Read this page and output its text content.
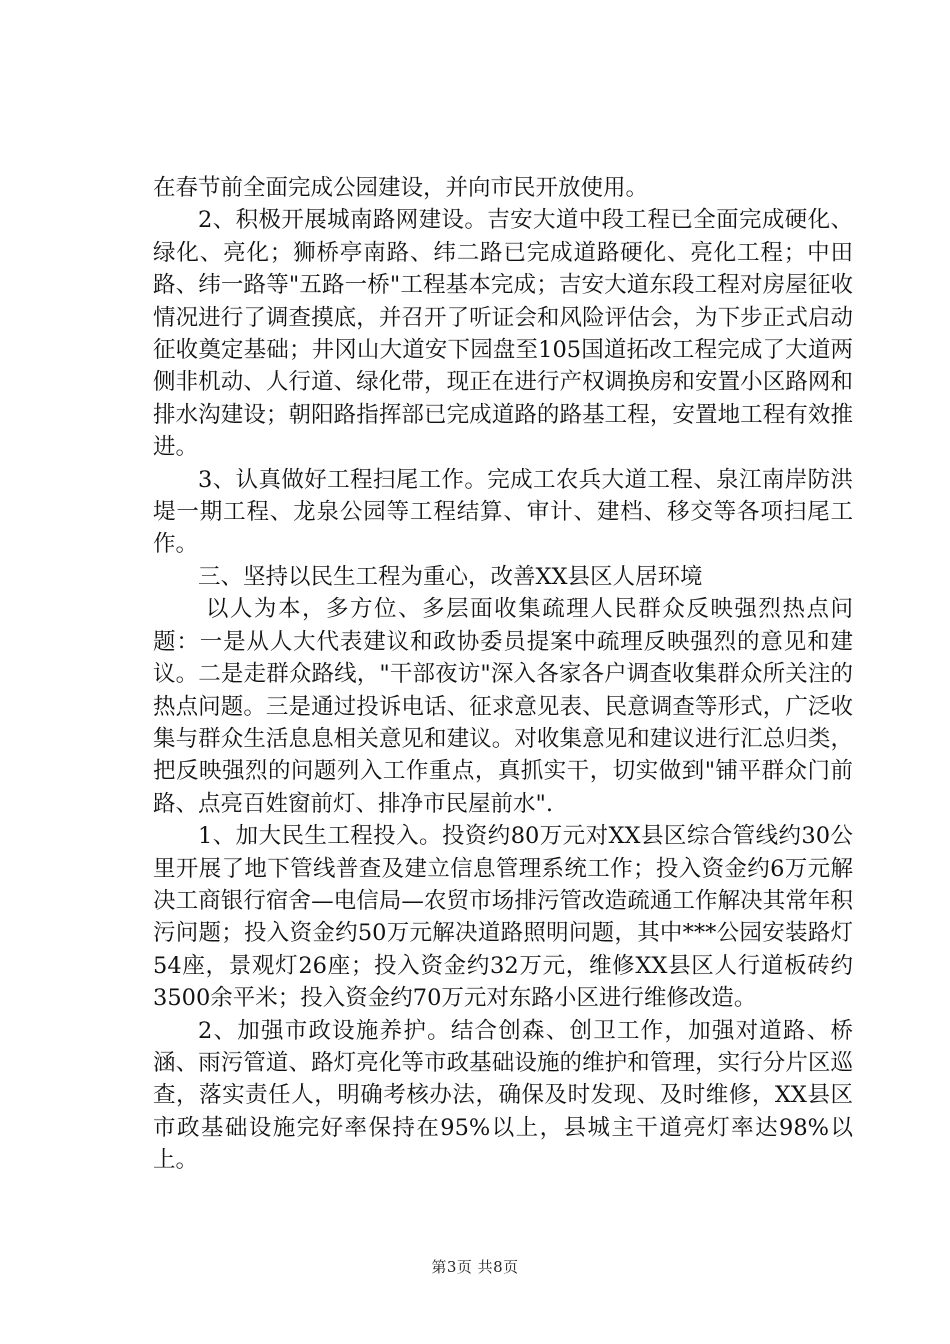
在春节前全面完成公园建设，并向市民开放使用。

2、积极开展城南路网建设。吉安大道中段工程已全面完成硬化、绿化、亮化；狮桥亭南路、纬二路已完成道路硬化、亮化工程；中田路、纬一路等"五路一桥"工程基本完成；吉安大道东段工程对房屋征收情况进行了调查摸底，并召开了听证会和风险评估会，为下步正式启动征收奠定基础；井冈山大道安下园盘至105国道拓改工程完成了大道两侧非机动、人行道、绿化带，现正在进行产权调换房和安置小区路网和排水沟建设；朝阳路指挥部已完成道路的路基工程，安置地工程有效推进。

3、认真做好工程扫尾工作。完成工农兵大道工程、泉江南岸防洪堤一期工程、龙泉公园等工程结算、审计、建档、移交等各项扫尾工作。

三、坚持以民生工程为重心，改善XX县区人居环境

以人为本，多方位、多层面收集疏理人民群众反映强烈热点问题：一是从人大代表建议和政协委员提案中疏理反映强烈的意见和建议。二是走群众路线，"干部夜访"深入各家各户调查收集群众所关注的热点问题。三是通过投诉电话、征求意见表、民意调查等形式，广泛收集与群众生活息息相关意见和建议。对收集意见和建议进行汇总归类，把反映强烈的问题列入工作重点，真抓实干，切实做到"铺平群众门前路、点亮百姓窗前灯、排净市民屋前水".

1、加大民生工程投入。投资约80万元对XX县区综合管线约30公里开展了地下管线普查及建立信息管理系统工作；投入资金约6万元解决工商银行宿舍—电信局—农贸市场排污管改造疏通工作解决其常年积污问题；投入资金约50万元解决道路照明问题，其中***公园安装路灯54座，景观灯26座；投入资金约32万元，维修XX县区人行道板砖约3500余平米；投入资金约70万元对东路小区进行维修改造。

2、加强市政设施养护。结合创森、创卫工作，加强对道路、桥涵、雨污管道、路灯亮化等市政基础设施的维护和管理，实行分片区巡查，落实责任人，明确考核办法，确保及时发现、及时维修，XX县区市政基础设施完好率保持在95%以上，县城主干道亮灯率达98%以上。

第3页 共8页
